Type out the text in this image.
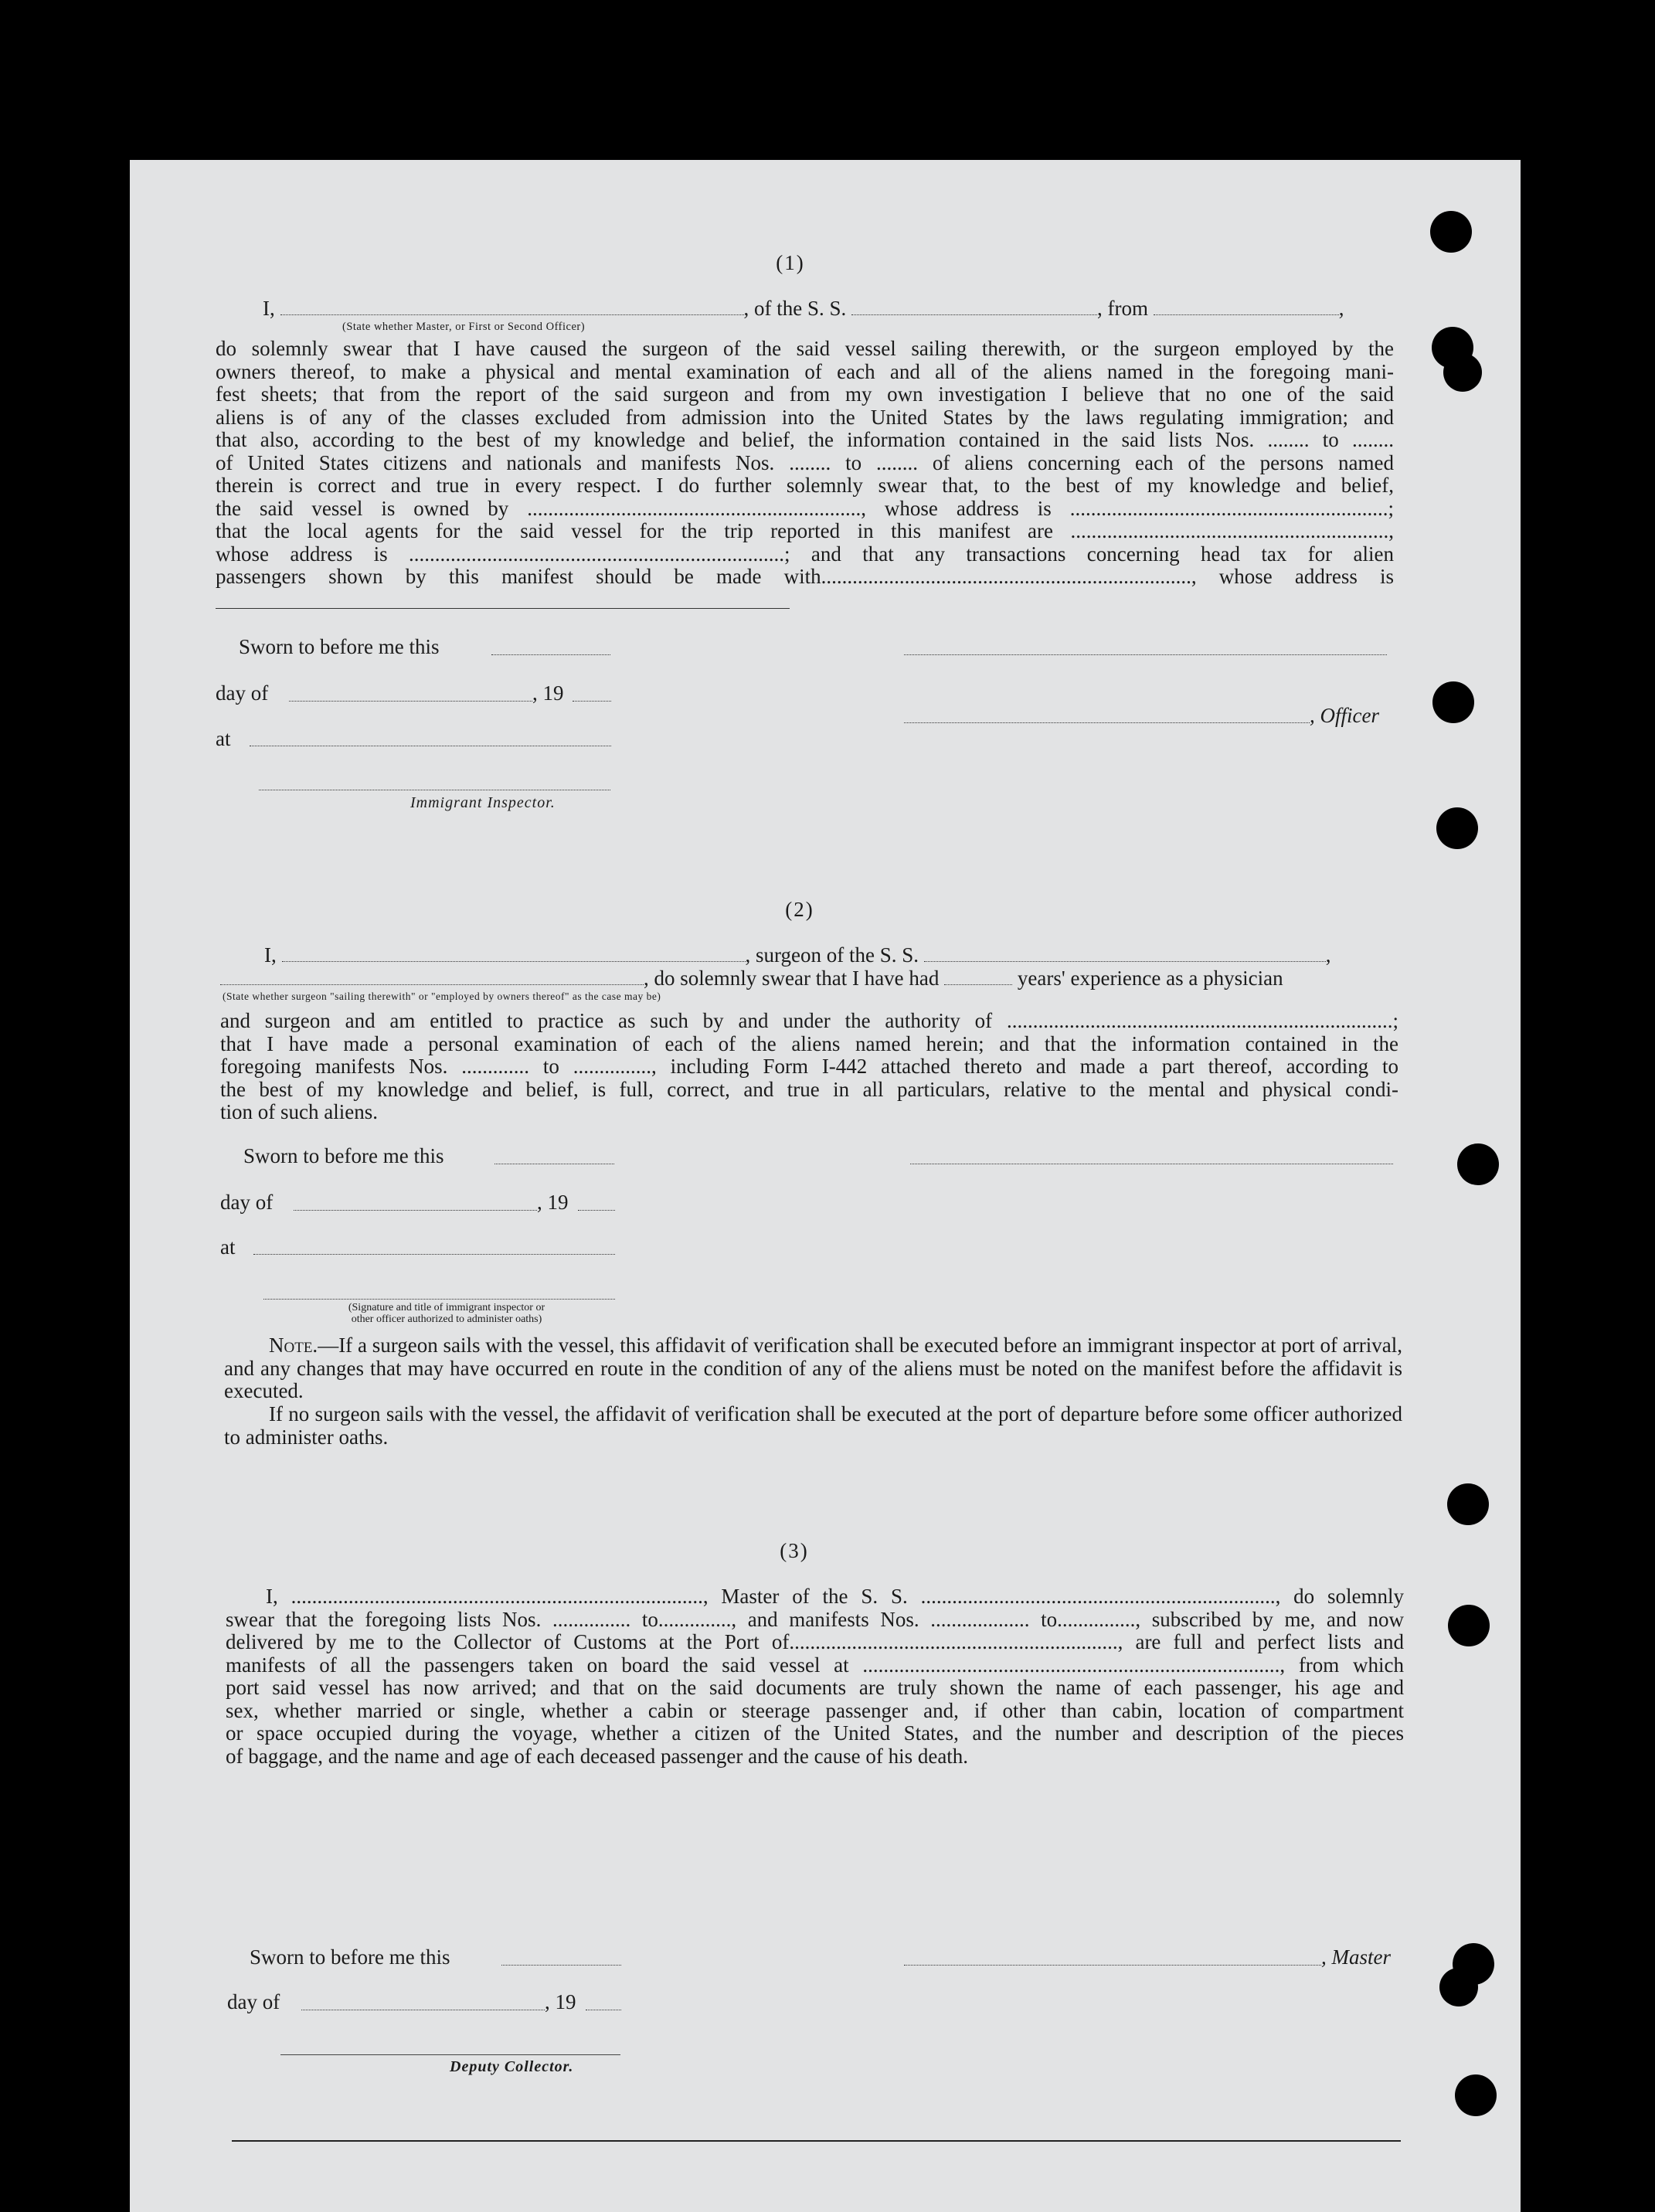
(1)
I,	, of the S. S.	, from	,
(State whether Master, or First or Second Officer)
do solemnly swear that I have caused the surgeon of the said vessel sailing therewith, or the surgeon employed by the
owners thereof, to make a physical and mental examination of each and all of the aliens named in the foregoing mani-
fest sheets; that from the report of the said surgeon and from my own investigation I believe that no one of the said
aliens is of any of the classes excluded from admission into the United States by the laws regulating immigration; and
that also, according to the best of my knowledge and belief, the information contained in the said lists Nos. ........ to ........
of United States citizens and nationals and manifests Nos. ........ to ........ of aliens concerning each of the persons named
therein is correct and true in every respect. I do further solemnly swear that, to the best of my knowledge and belief,
the said vessel is owned by ................................................................, whose address is .............................................................;
that the local agents for the said vessel for the trip reported in this manifest are .............................................................,
whose address is ........................................................................; and that any transactions concerning head tax for alien
passengers shown by this manifest should be made with......................................................................., whose address is
Sworn to before me this
day of	, 19
, Officer
at
Immigrant Inspector.
(2)
I,	, surgeon of the S. S.	,
, do solemnly swear that I have had	years' experience as a physician
(State whether surgeon "sailing therewith" or "employed by owners thereof" as the case may be)
and surgeon and am entitled to practice as such by and under the authority of ..........................................................................;
that I have made a personal examination of each of the aliens named herein; and that the information contained in the
foregoing manifests Nos. ............. to ..............., including Form I-442 attached thereto and made a part thereof, according to
the best of my knowledge and belief, is full, correct, and true in all particulars, relative to the mental and physical condi-
tion of such aliens.
Sworn to before me this
day of	, 19
at
(Signature and title of immigrant inspector or
other officer authorized to administer oaths)

Note.—If a surgeon sails with the vessel, this affidavit of verification shall be executed before an immigrant inspector at port of arrival, and any changes that may have occurred en route in the condition of any of the aliens must be noted on the manifest before the affidavit is executed.

If no surgeon sails with the vessel, the affidavit of verification shall be executed at the port of departure before some officer authorized to administer oaths.

(3)
I, ..............................................................................., Master of the S. S. ...................................................................., do solemnly
swear that the foregoing lists Nos. ............... to.............., and manifests Nos. ................... to..............., subscribed by me, and now
delivered by me to the Collector of Customs at the Port of..............................................................., are full and perfect lists and
manifests of all the passengers taken on board the said vessel at ................................................................................, from which
port said vessel has now arrived; and that on the said documents are truly shown the name of each passenger, his age and
sex, whether married or single, whether a cabin or steerage passenger and, if other than cabin, location of compartment
or space occupied during the voyage, whether a citizen of the United States, and the number and description of the pieces
of baggage, and the name and age of each deceased passenger and the cause of his death.
Sworn to before me this	, Master
day of	, 19
Deputy Collector.
